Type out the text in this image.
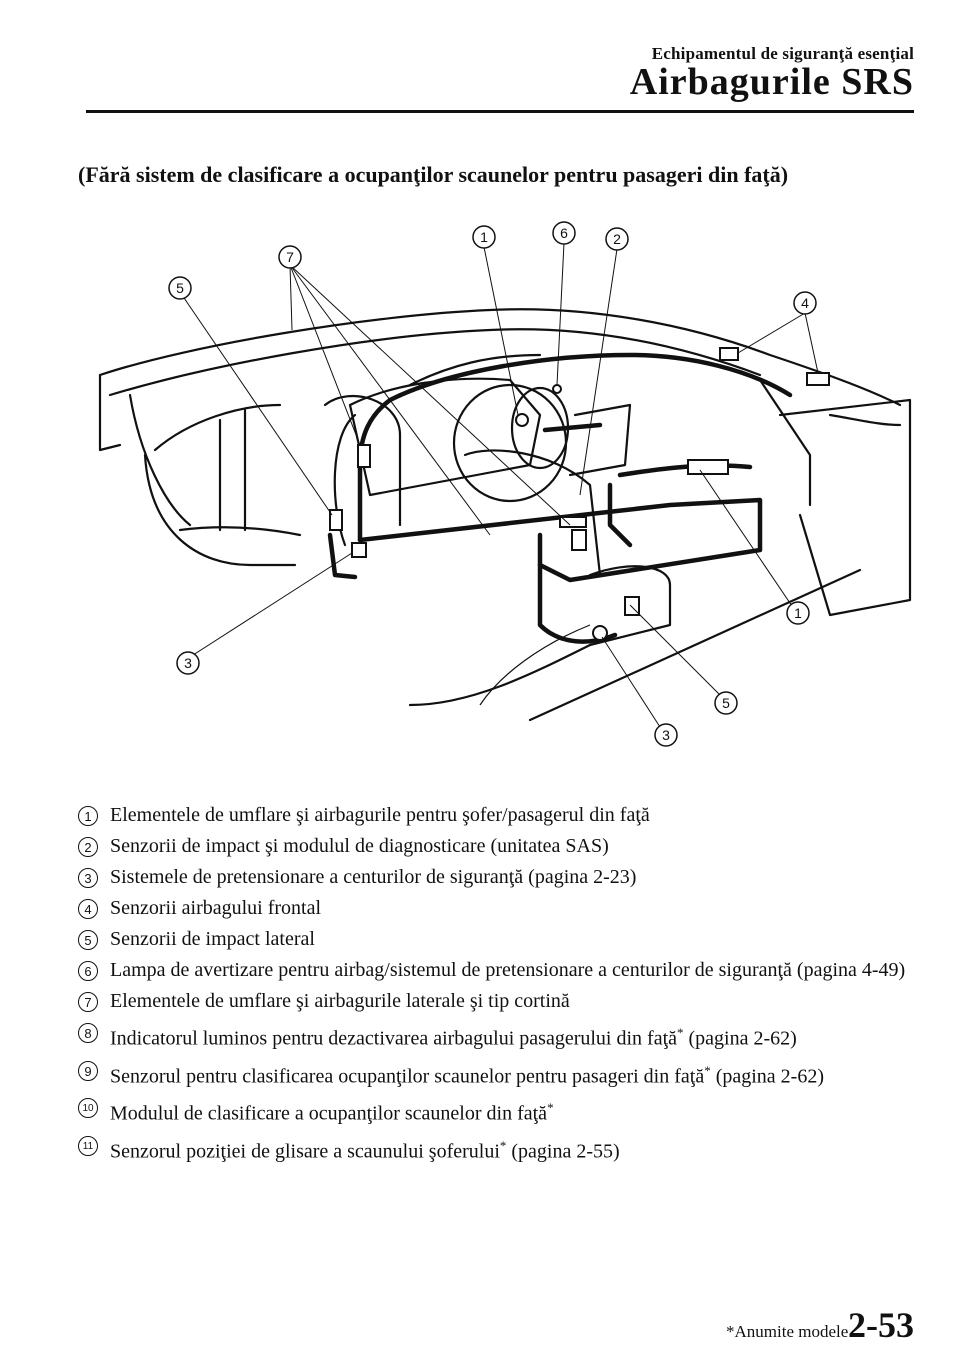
Echipamentul de siguranţă esenţial
Airbagurile SRS
(Fără sistem de clasificare a ocupanţilor scaunelor pentru pasageri din faţă)
1	6	2
7
5
4
1
3
5
3

1 Elementele de umflare şi airbagurile pentru şofer/pasagerul din faţă

2 Senzorii de impact şi modulul de diagnosticare (unitatea SAS)

3 Sistemele de pretensionare a centurilor de siguranţă (pagina 2-23)

4 Senzorii airbagului frontal

5 Senzorii de impact lateral

6 Lampa de avertizare pentru airbag/sistemul de pretensionare a centurilor de siguranţă (pagina 4-49)

7 Elementele de umflare şi airbagurile laterale şi tip cortină

8 Indicatorul luminos pentru dezactivarea airbagului pasagerului din faţă* (pagina 2-62)

9 Senzorul pentru clasificarea ocupanţilor scaunelor pentru pasageri din faţă* (pagina 2-62)

10 Modulul de clasificare a ocupanţilor scaunelor din faţă*

11 Senzorul poziţiei de glisare a scaunului şoferului* (pagina 2-55)

*Anumite modele.
2-53
